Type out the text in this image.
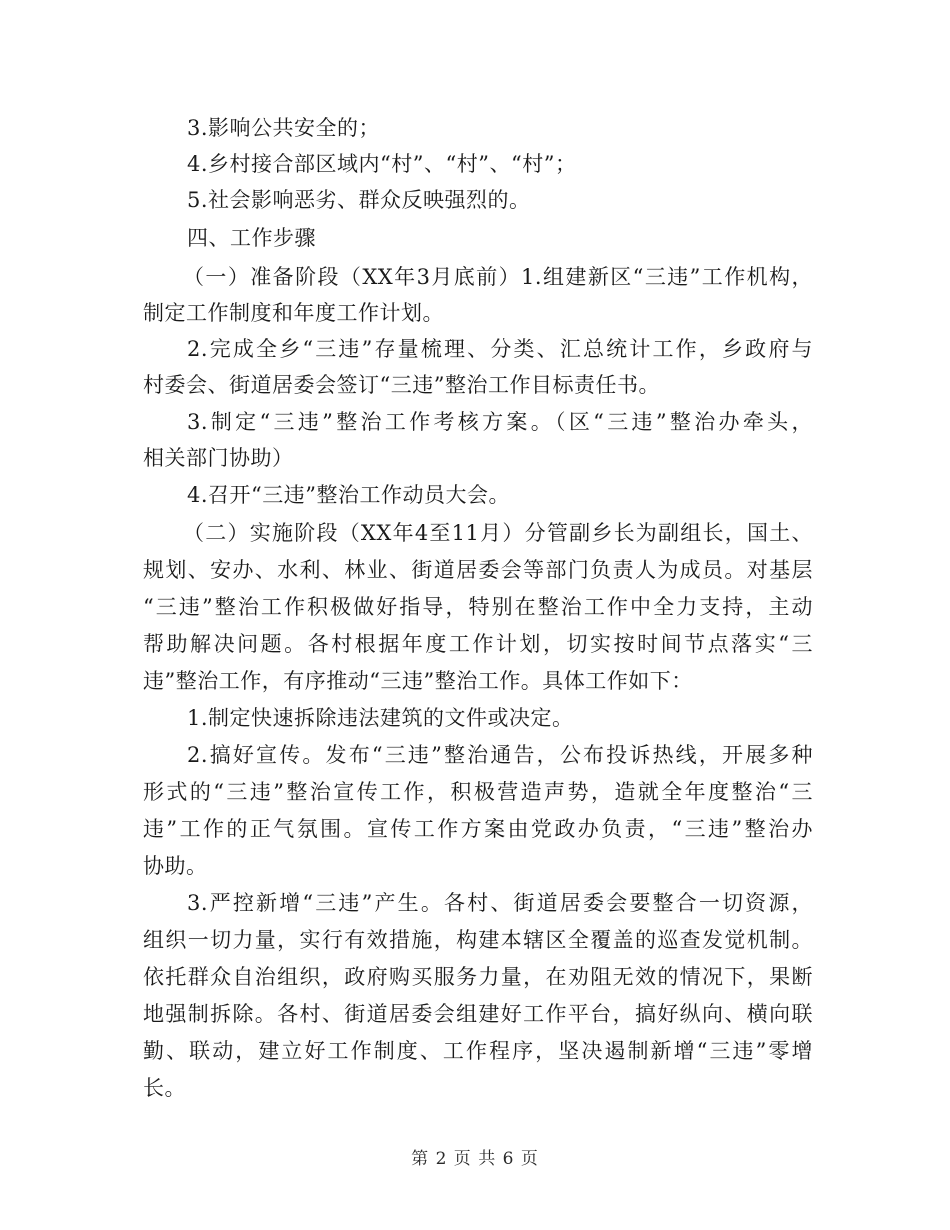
3.影响公共安全的；
4.乡村接合部区域内“村”、“村”、“村”；
5.社会影响恶劣、群众反映强烈的。
四、工作步骤
（一）准备阶段（XX年3月底前）1.组建新区“三违”工作机构，
制定工作制度和年度工作计划。
2.完成全乡“三违”存量梳理、分类、汇总统计工作，乡政府与
村委会、街道居委会签订“三违”整治工作目标责任书。
3.制定“三违”整治工作考核方案。（区“三违”整治办牵头，
相关部门协助）
4.召开“三违”整治工作动员大会。
（二）实施阶段（XX年4至11月）分管副乡长为副组长，国土、
规划、安办、水利、林业、街道居委会等部门负责人为成员。对基层
“三违”整治工作积极做好指导，特别在整治工作中全力支持，主动
帮助解决问题。各村根据年度工作计划，切实按时间节点落实“三
违”整治工作，有序推动“三违”整治工作。具体工作如下：
1.制定快速拆除违法建筑的文件或决定。
2.搞好宣传。发布“三违”整治通告，公布投诉热线，开展多种
形式的“三违”整治宣传工作，积极营造声势，造就全年度整治“三
违”工作的正气氛围。宣传工作方案由党政办负责，“三违”整治办
协助。
3.严控新增“三违”产生。各村、街道居委会要整合一切资源，
组织一切力量，实行有效措施，构建本辖区全覆盖的巡查发觉机制。
依托群众自治组织，政府购买服务力量，在劝阻无效的情况下，果断
地强制拆除。各村、街道居委会组建好工作平台，搞好纵向、横向联
勤、联动，建立好工作制度、工作程序，坚决遏制新增“三违”零增
长。
第 2 页 共 6 页
